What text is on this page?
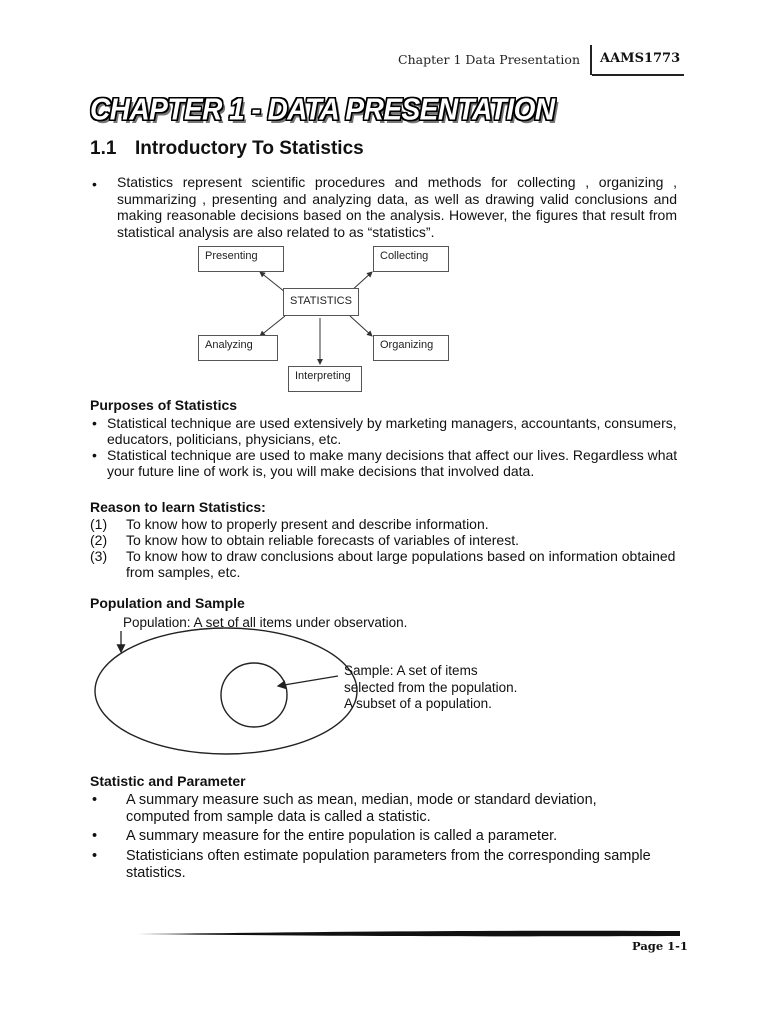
Chapter 1 Data Presentation AAMS1773
CHAPTER 1 - DATA PRESENTATION
1.1 Introductory To Statistics
• Statistics represent scientific procedures and methods for collecting , organizing , summarizing , presenting and analyzing data, as well as drawing valid conclusions and making reasonable decisions based on the analysis. However, the figures that result from statistical analysis are also related to as “statistics”.
Presenting	Collecting
STATISTICS
Analyzing	Organizing
Interpreting
Purposes of Statistics
• Statistical technique are used extensively by marketing managers, accountants, consumers,
educators, politicians, physicians, etc.
• Statistical technique are used to make many decisions that affect our lives. Regardless what
your future line of work is, you will make decisions that involved data.
Reason to learn Statistics:
(1) To know how to properly present and describe information.
(2) To know how to obtain reliable forecasts of variables of interest.
(3) To know how to draw conclusions about large populations based on information obtained
from samples, etc.
Population and Sample
Population: A set of all items under observation.
Sample: A set of items
selected from the population.
A subset of a population.
Statistic and Parameter
• A summary measure such as mean, median, mode or standard deviation,
computed from sample data is called a statistic.
• A summary measure for the entire population is called a parameter.
• Statisticians often estimate population parameters from the corresponding sample
statistics.
Page 1-1
